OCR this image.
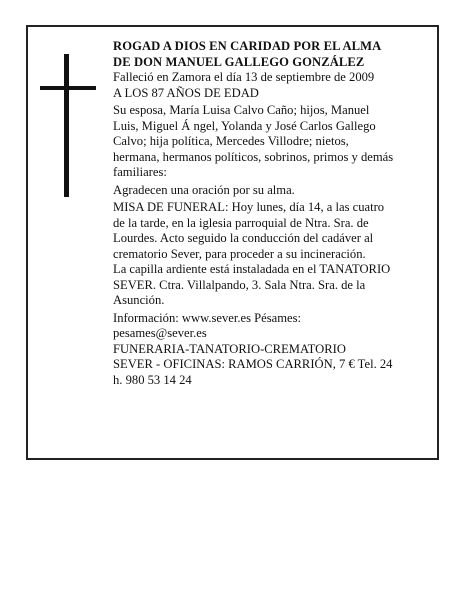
ROGAD A DIOS EN CARIDAD POR EL ALMA
DE DON MANUEL GALLEGO GONZÁLEZ
Falleció en Zamora el día 13 de septiembre de 2009
A LOS 87 AÑOS DE EDAD
Su esposa, María Luisa Calvo Caño; hijos, Manuel
Luis, Miguel Á ngel, Yolanda y José Carlos Gallego
Calvo; hija política, Mercedes Villodre; nietos,
hermana, hermanos políticos, sobrinos, primos y demás
familiares:
Agradecen una oración por su alma.
MISA DE FUNERAL: Hoy lunes, día 14, a las cuatro
de la tarde, en la iglesia parroquial de Ntra. Sra. de
Lourdes. Acto seguido la conducción del cadáver al
crematorio Sever, para proceder a su incineración.
La capilla ardiente está instaladada en el TANATORIO
SEVER. Ctra. Villalpando, 3. Sala Ntra. Sra. de la
Asunción.
Información: www.sever.es Pésames:
pesames@sever.es
FUNERARIA-TANATORIO-CREMATORIO
SEVER - OFICINAS: RAMOS CARRIÓN, 7 € Tel. 24
h. 980 53 14 24
